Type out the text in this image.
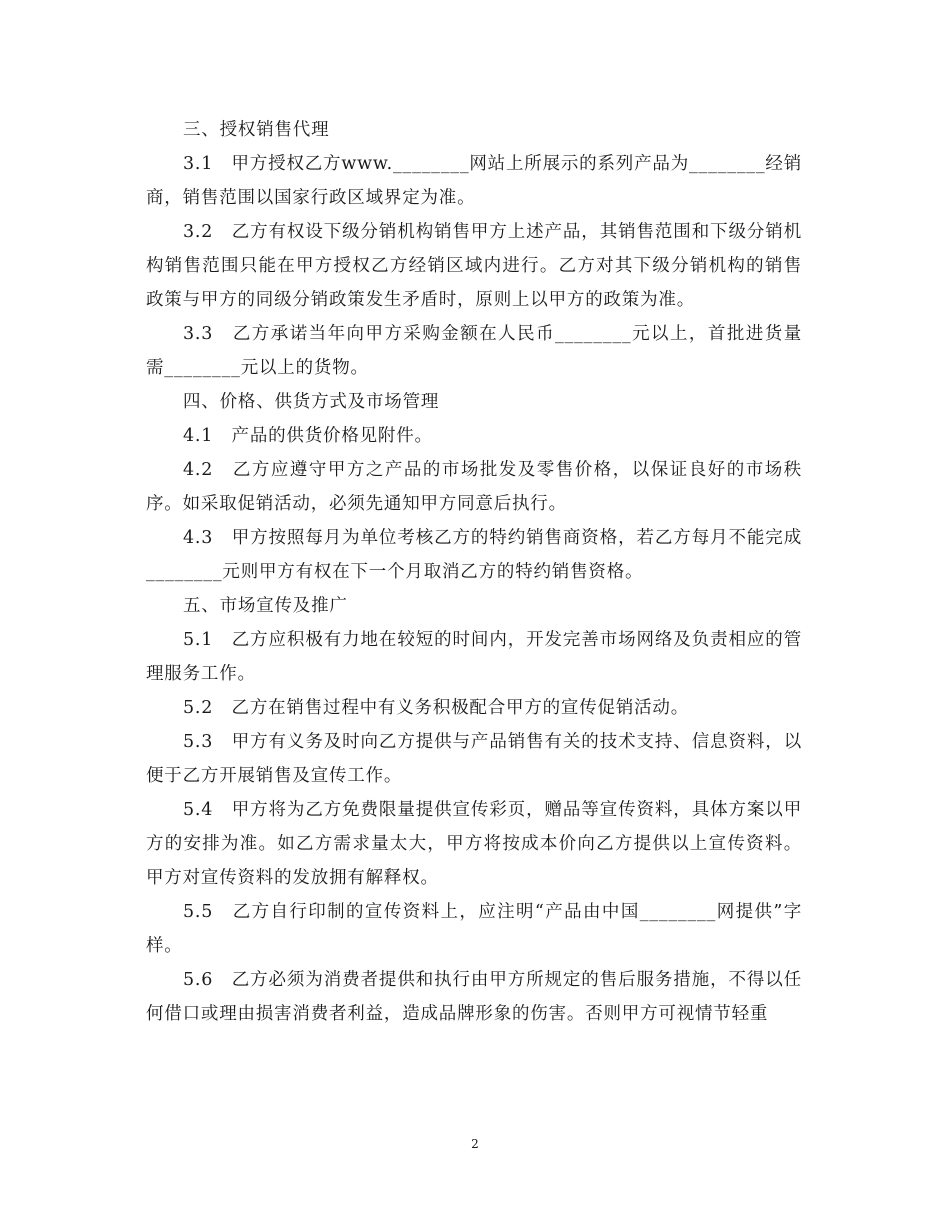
三、授权销售代理

3.1　甲方授权乙方www.________网站上所展示的系列产品为________经销商，销售范围以国家行政区域界定为准。

3.2　乙方有权设下级分销机构销售甲方上述产品，其销售范围和下级分销机构销售范围只能在甲方授权乙方经销区域内进行。乙方对其下级分销机构的销售政策与甲方的同级分销政策发生矛盾时，原则上以甲方的政策为准。

3.3　乙方承诺当年向甲方采购金额在人民币________元以上，首批进货量需________元以上的货物。

四、价格、供货方式及市场管理

4.1　产品的供货价格见附件。

4.2　乙方应遵守甲方之产品的市场批发及零售价格，以保证良好的市场秩序。如采取促销活动，必须先通知甲方同意后执行。

4.3　甲方按照每月为单位考核乙方的特约销售商资格，若乙方每月不能完成________元则甲方有权在下一个月取消乙方的特约销售资格。

五、市场宣传及推广

5.1　乙方应积极有力地在较短的时间内，开发完善市场网络及负责相应的管理服务工作。

5.2　乙方在销售过程中有义务积极配合甲方的宣传促销活动。

5.3　甲方有义务及时向乙方提供与产品销售有关的技术支持、信息资料，以便于乙方开展销售及宣传工作。

5.4　甲方将为乙方免费限量提供宣传彩页，赠品等宣传资料，具体方案以甲方的安排为准。如乙方需求量太大，甲方将按成本价向乙方提供以上宣传资料。甲方对宣传资料的发放拥有解释权。

5.5　乙方自行印制的宣传资料上，应注明“产品由中国________网提供”字样。

5.6　乙方必须为消费者提供和执行由甲方所规定的售后服务措施，不得以任何借口或理由损害消费者利益，造成品牌形象的伤害。否则甲方可视情节轻重

2
